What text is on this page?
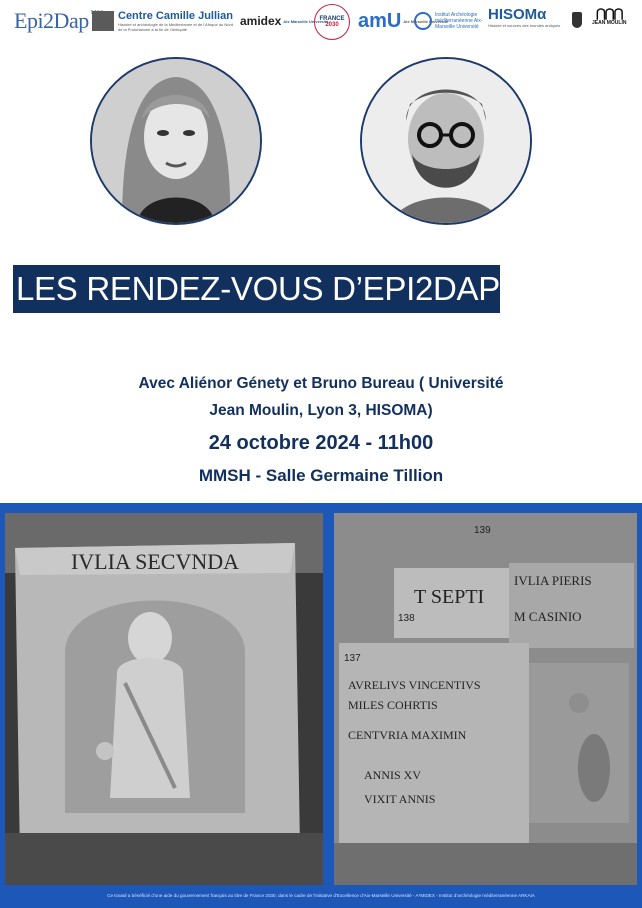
Epi2Dap	Centre Camille Jullian
Histoire et archéologie de la Méditerranée et de l'Afrique du Nord de la Protohistoire à la fin de l'Antiquité
amidex Aix Marseille Université
FRANCE
2030 amU Aix Marseille Université
Institut Archéologie méditerranéenne Aix-Marseille Université
HISOMα
Histoire et sources des mondes antiques
⋂⋂⋂
JEAN MOULIN
LES RENDEZ-VOUS D’EPI2DAP
Avec Aliénor Génety et Bruno Bureau ( Université
Jean Moulin, Lyon 3, HISOMA)
24 octobre 2024 - 11h00
MMSH - Salle Germaine Tillion
IVLIA SECVNDA
T SEPTI
IVLIA PIERIS
M CASINIO
AVRELIVS VINCENTIVS
MILES COHRTIS
CENTVRIA MAXIMIN
ANNIS XV
VIXIT ANNIS
138
137
139
Ce travail a bénéficié d'une aide du gouvernement français au titre de France 2030, dans le cadre de l'Initiative d'Excellence d'Aix-Marseille Université - A*MIDEX - Institut d'archéologie méditerranéenne ARKAIA
